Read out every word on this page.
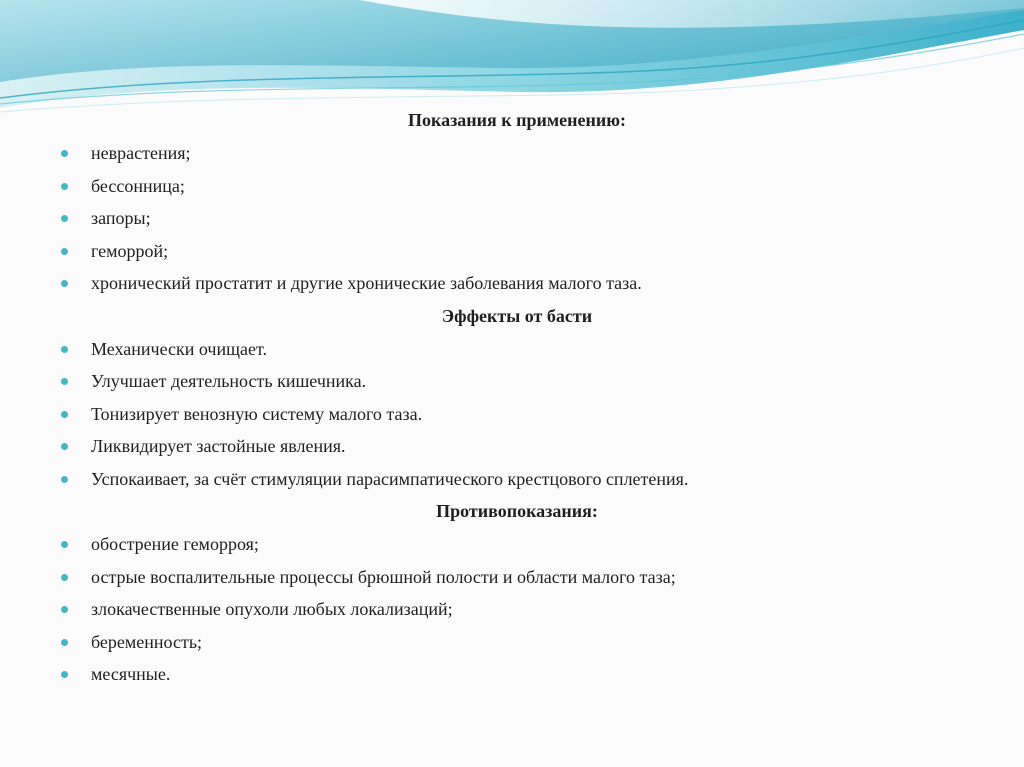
Показания к применению:

неврастения;
бессонница;
запоры;
геморрой;
хронический простатит и другие хронические заболевания малого таза.

Эффекты от басти

Механически очищает.
Улучшает деятельность кишечника.
Тонизирует венозную систему малого таза.
Ликвидирует застойные явления.
Успокаивает, за счёт стимуляции парасимпатического крестцового сплетения.

Противопоказания:

обострение геморроя;
острые воспалительные процессы брюшной полости и области малого таза;
злокачественные опухоли любых локализаций;
беременность;
месячные.
